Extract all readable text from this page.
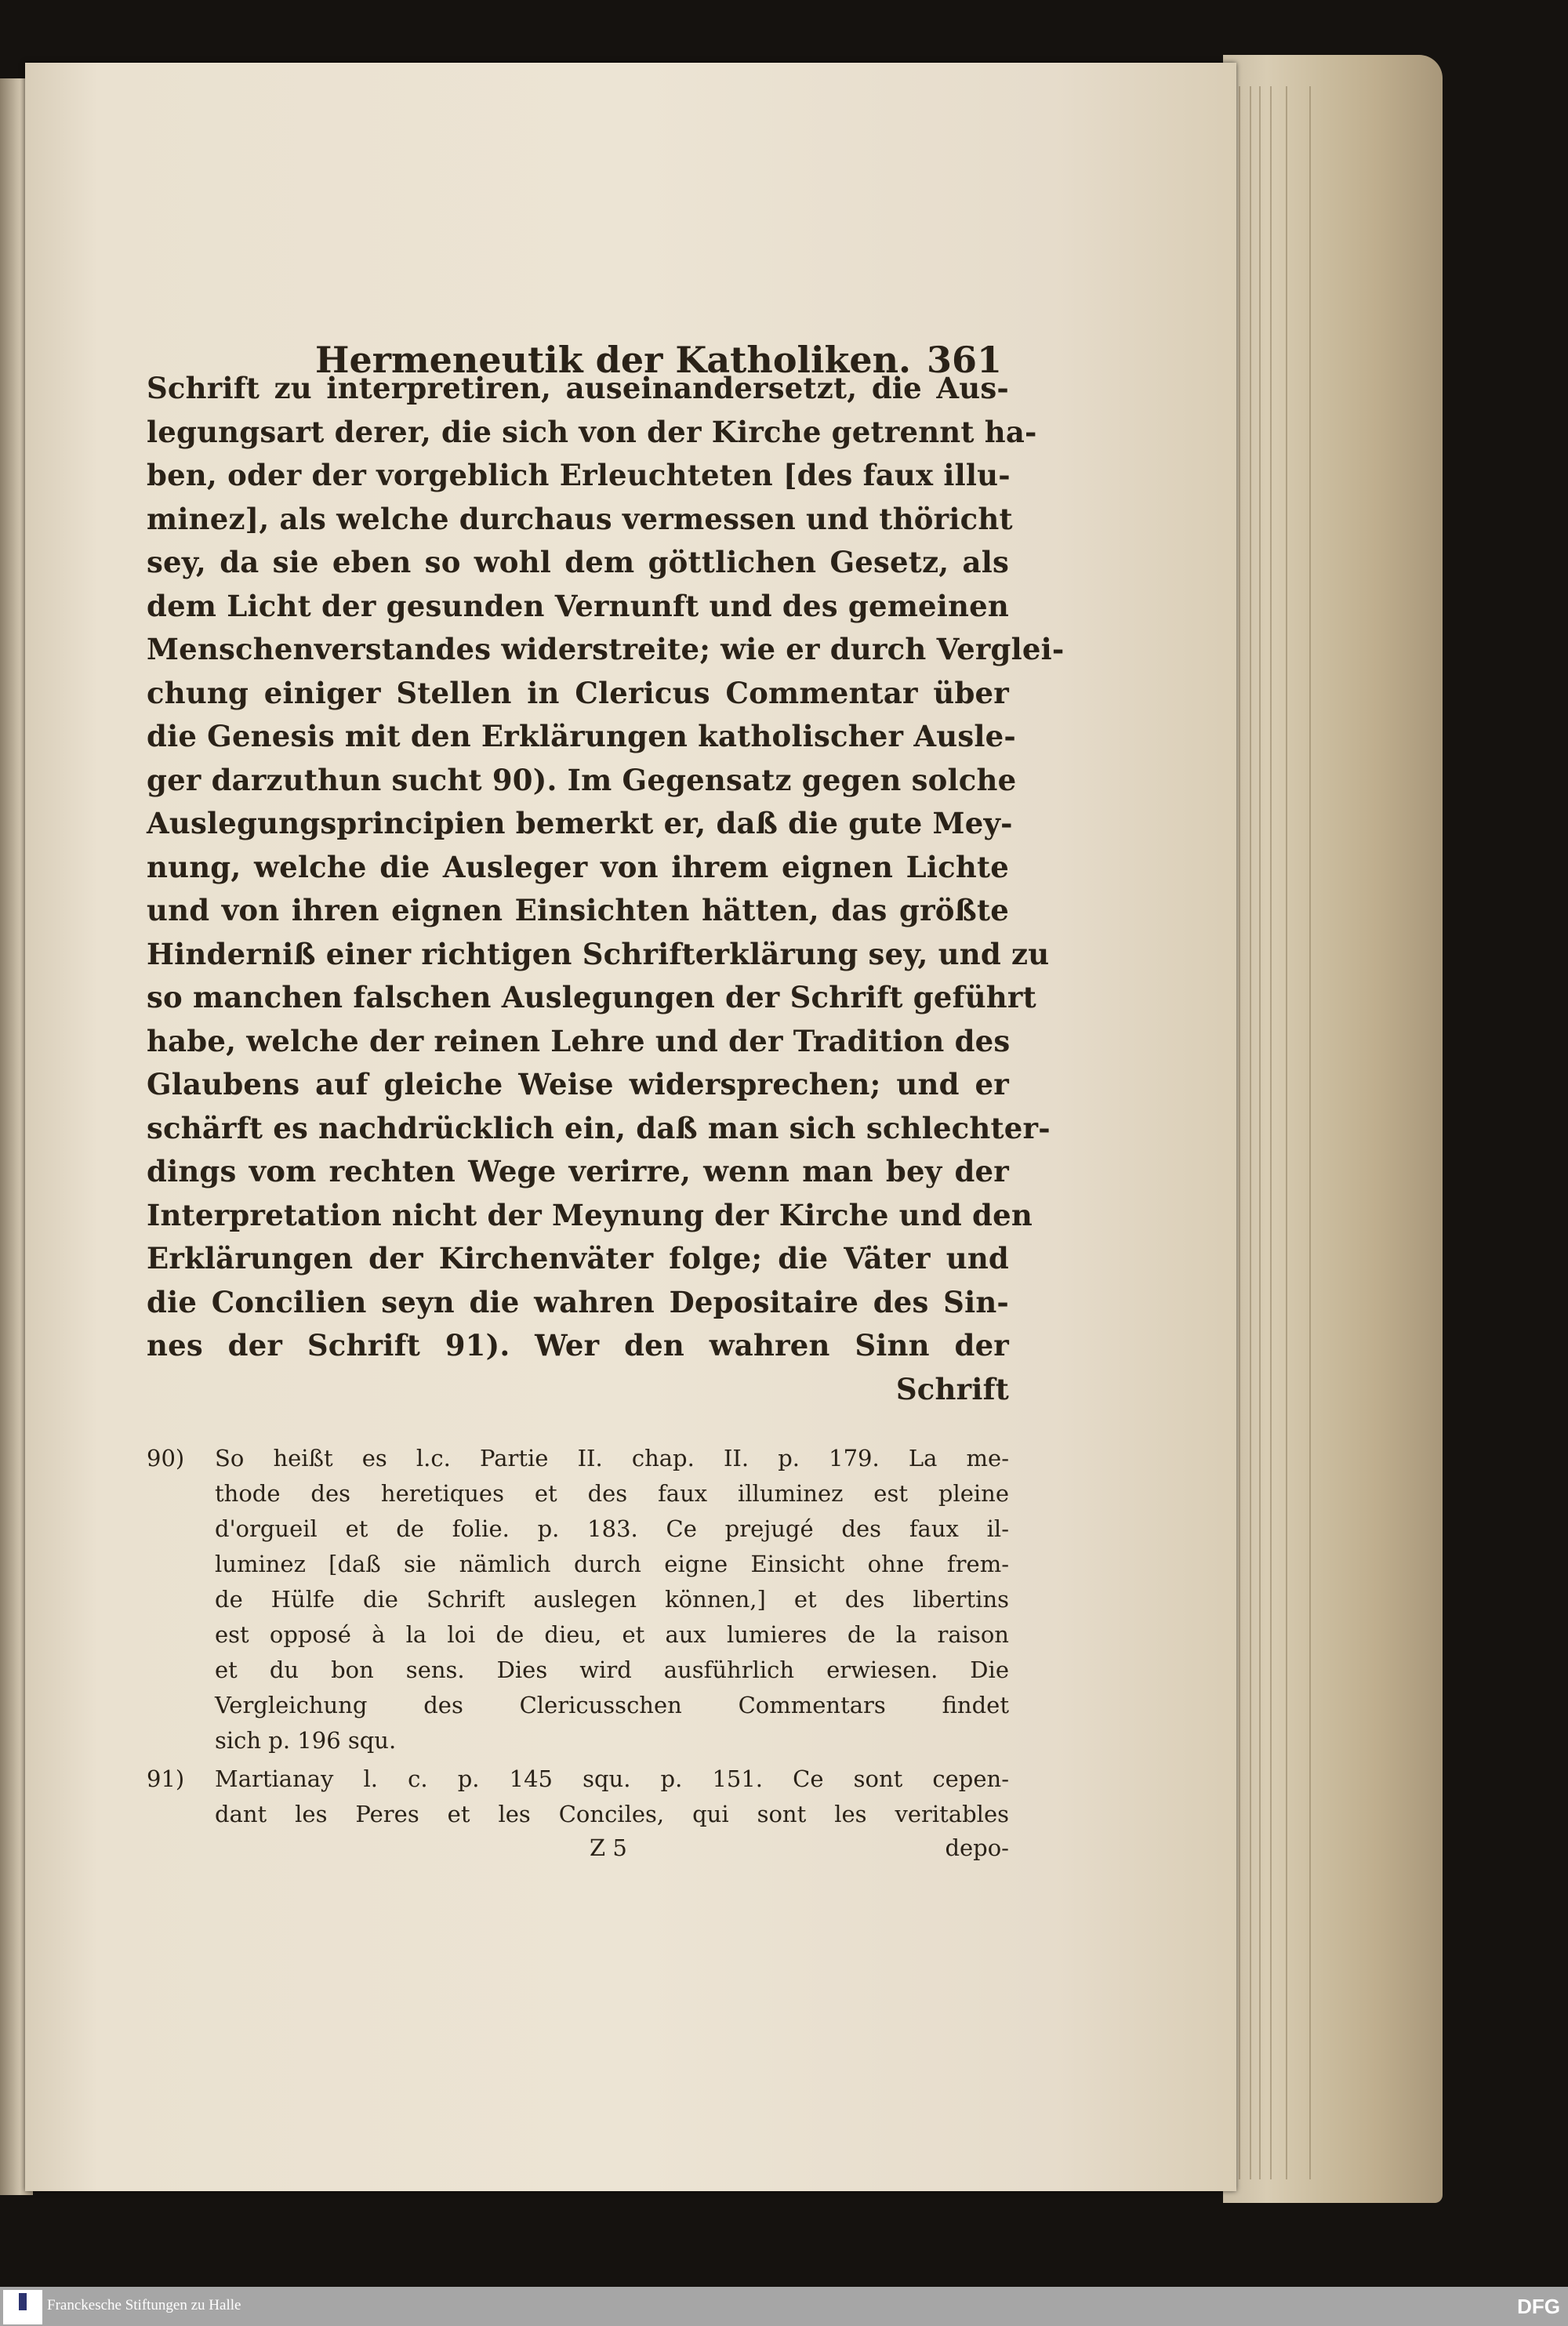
Hermeneutik der Katholiken. 361
Schrift zu interpretiren, auseinandersetzt, die Aus-
legungsart derer, die sich von der Kirche getrennt ha-
ben, oder der vorgeblich Erleuchteten [des faux illu-
minez], als welche durchaus vermessen und thöricht
sey, da sie eben so wohl dem göttlichen Gesetz, als
dem Licht der gesunden Vernunft und des gemeinen
Menschenverstandes widerstreite; wie er durch Verglei-
chung einiger Stellen in Clericus Commentar über
die Genesis mit den Erklärungen katholischer Ausle-
ger darzuthun sucht 90). Im Gegensatz gegen solche
Auslegungsprincipien bemerkt er, daß die gute Mey-
nung, welche die Ausleger von ihrem eignen Lichte
und von ihren eignen Einsichten hätten, das größte
Hinderniß einer richtigen Schrifterklärung sey, und zu
so manchen falschen Auslegungen der Schrift geführt
habe, welche der reinen Lehre und der Tradition des
Glaubens auf gleiche Weise widersprechen; und er
schärft es nachdrücklich ein, daß man sich schlechter-
dings vom rechten Wege verirre, wenn man bey der
Interpretation nicht der Meynung der Kirche und den
Erklärungen der Kirchenväter folge; die Väter und
die Concilien seyn die wahren Depositaire des Sin-
nes der Schrift 91). Wer den wahren Sinn der
Schrift
90) So heißt es l.c. Partie II. chap. II. p. 179. La me-
thode des heretiques et des faux illuminez est pleine
d'orgueil et de folie. p. 183. Ce prejugé des faux il-
luminez [daß sie nämlich durch eigne Einsicht ohne frem-
de Hülfe die Schrift auslegen können,] et des libertins
est opposé à la loi de dieu, et aux lumieres de la raison
et du bon sens. Dies wird ausführlich erwiesen. Die
Vergleichung des Clericusschen Commentars findet
sich p. 196 squ.
91) Martianay l. c. p. 145 squ. p. 151. Ce sont cepen-
dant les Peres et les Conciles, qui sont les veritables
Z 5	depo-
Franckesche Stiftungen zu Halle	DFG
